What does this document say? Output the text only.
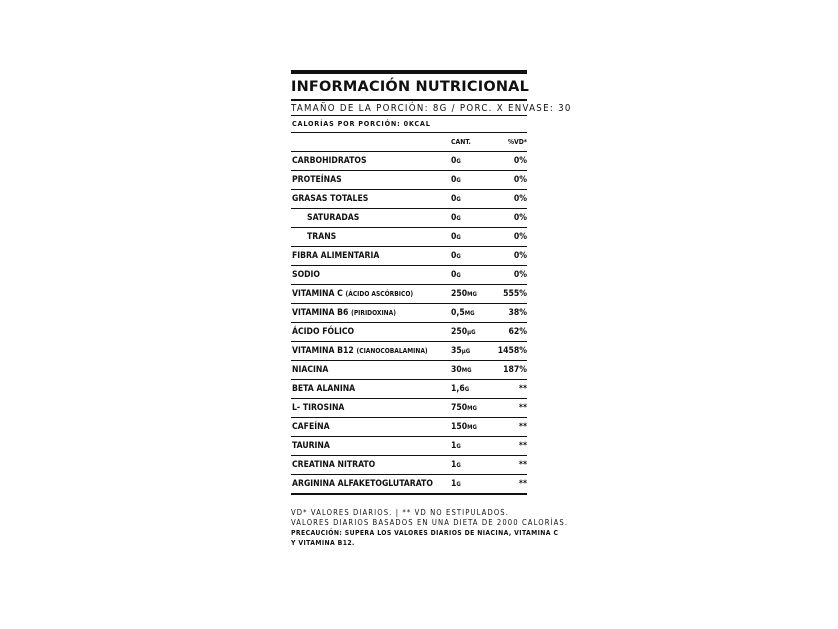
INFORMACIÓN NUTRICIONAL
TAMAÑO DE LA PORCIÓN: 8G / PORC. X ENVASE: 30
CALORÍAS POR PORCIÓN: 0KCAL
CANT.	%VD*
CARBOHIDRATOS	0G	0%
PROTEÍNAS	0G	0%
GRASAS TOTALES	0G	0%
SATURADAS	0G	0%
TRANS	0G	0%
FIBRA ALIMENTARIA	0G	0%
SODIO	0G	0%
VITAMINA C (ÁCIDO ASCÓRBICO)	250MG	555%
VITAMINA B6 (PIRIDOXINA)	0,5MG	38%
ÁCIDO FÓLICO	250µG	62%
VITAMINA B12 (CIANOCOBALAMINA)	35µG	1458%
NIACINA	30MG	187%
BETA ALANINA	1,6G	**
L- TIROSINA	750MG	**
CAFEÍNA	150MG	**
TAURINA	1G	**
CREATINA NITRATO	1G	**
ARGININA ALFAKETOGLUTARATO	1G	**
VD* VALORES DIARIOS. | ** VD NO ESTIPULADOS.
VALORES DIARIOS BASADOS EN UNA DIETA DE 2000 CALORÍAS.
PRECAUCIÓN: SUPERA LOS VALORES DIARIOS DE NIACINA, VITAMINA C
Y VITAMINA B12.
